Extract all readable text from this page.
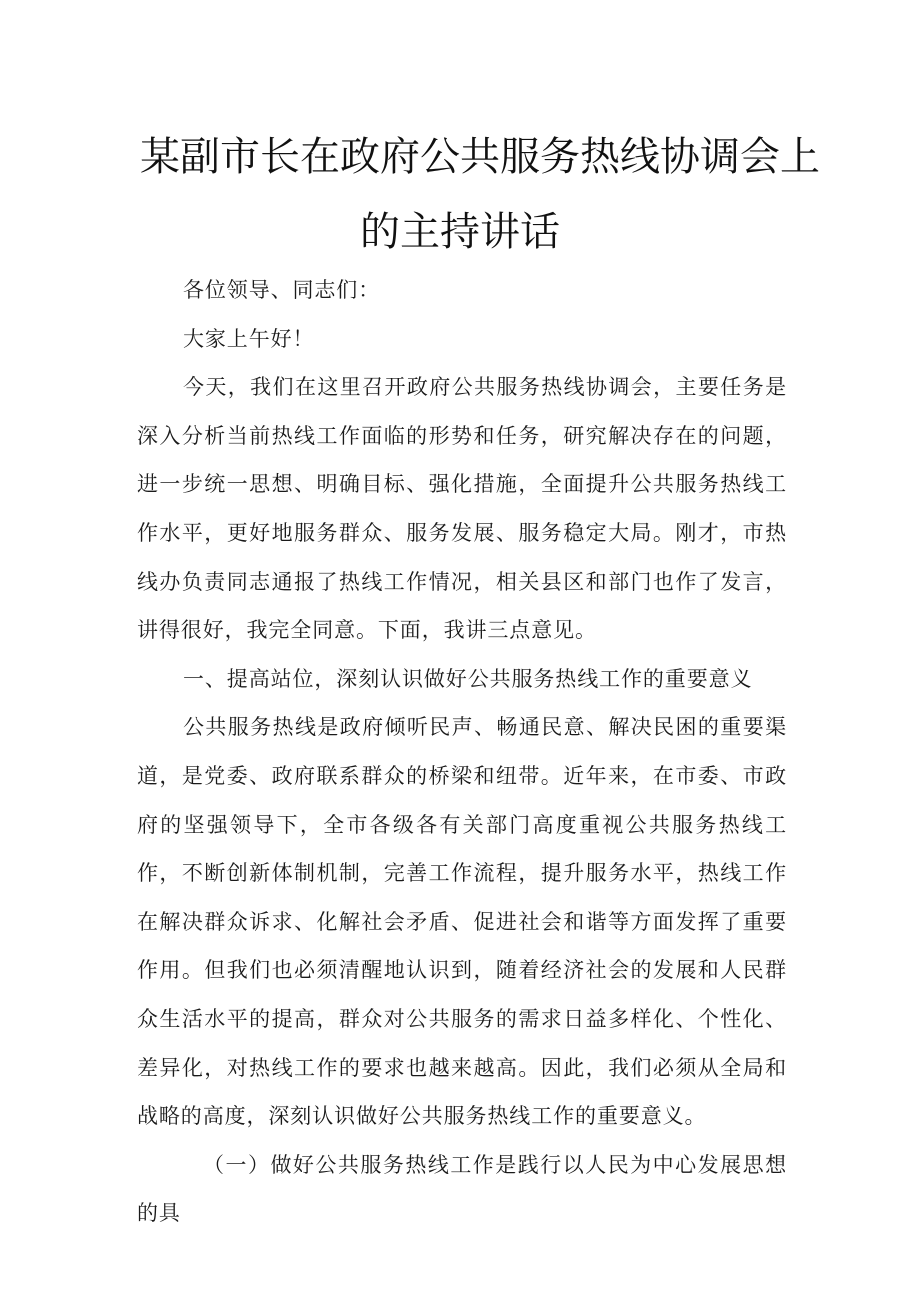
某副市长在政府公共服务热线协调会上
的主持讲话

各位领导、同志们：

大家上午好！

今天，我们在这里召开政府公共服务热线协调会，主要任务是深入分析当前热线工作面临的形势和任务，研究解决存在的问题，进一步统一思想、明确目标、强化措施，全面提升公共服务热线工作水平，更好地服务群众、服务发展、服务稳定大局。刚才，市热线办负责同志通报了热线工作情况，相关县区和部门也作了发言，讲得很好，我完全同意。下面，我讲三点意见。

一、提高站位，深刻认识做好公共服务热线工作的重要意义

公共服务热线是政府倾听民声、畅通民意、解决民困的重要渠道，是党委、政府联系群众的桥梁和纽带。近年来，在市委、市政府的坚强领导下，全市各级各有关部门高度重视公共服务热线工作，不断创新体制机制，完善工作流程，提升服务水平，热线工作在解决群众诉求、化解社会矛盾、促进社会和谐等方面发挥了重要作用。但我们也必须清醒地认识到，随着经济社会的发展和人民群众生活水平的提高，群众对公共服务的需求日益多样化、个性化、差异化，对热线工作的要求也越来越高。因此，我们必须从全局和战略的高度，深刻认识做好公共服务热线工作的重要意义。

（一）做好公共服务热线工作是践行以人民为中心发展思想的具
